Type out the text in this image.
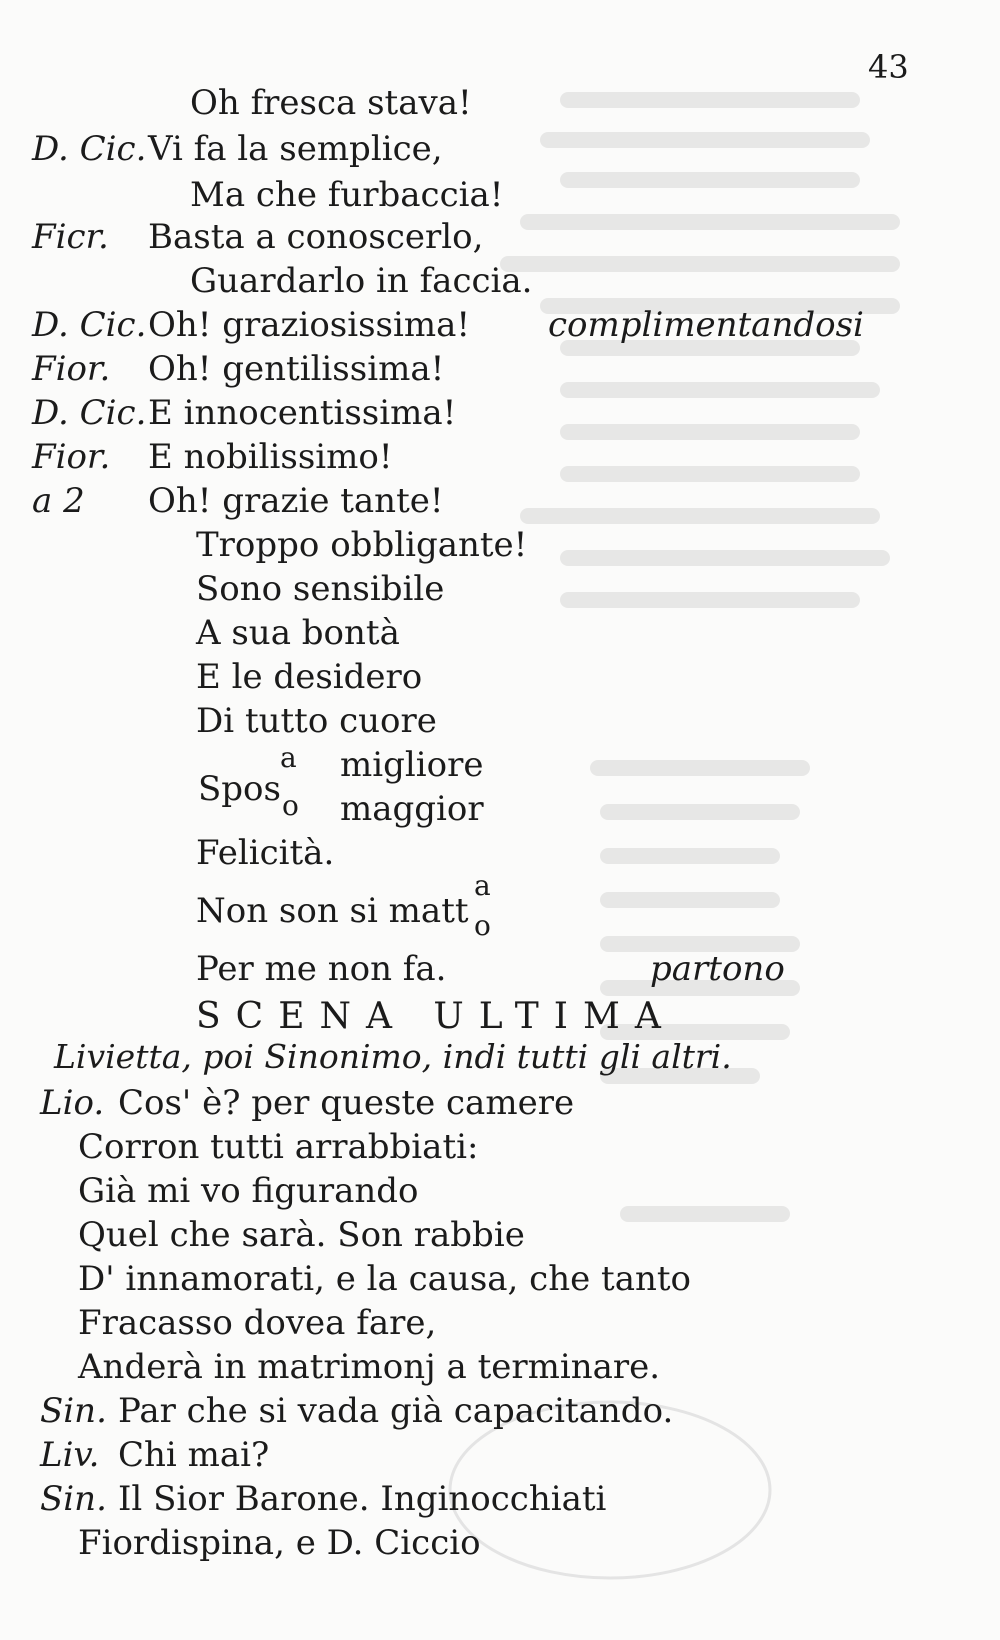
43
Oh fresca stava!
D. Cic. Vi fa la semplice,
Ma che furbaccia!
Ficr. Basta a conoscerlo,
Guardarlo in faccia.
D. Cic. Oh! graziosissima! complimentandosi
Fior. Oh! gentilissima!
D. Cic. E innocentissima!
Fior. E nobilissimo!
a 2 Oh! grazie tante!
Troppo obbligante!
Sono sensibile
A sua bontà
E le desidero
Di tutto cuore
Spos
a
o
migliore
maggior
Felicità.
Non son si matt
a
o
Per me non fa.	partono
SCENA ULTIMA
Livietta, poi Sinonimo, indi tutti gli altri.
Lio. Cos' è? per queste camere
Corron tutti arrabbiati:
Già mi vo figurando
Quel che sarà. Son rabbie
D' innamorati, e la causa, che tanto
Fracasso dovea fare,
Anderà in matrimonj a terminare.
Sin. Par che si vada già capacitando.
Liv. Chi mai?
Sin. Il Sior Barone. Inginocchiati
Fiordispina, e D. Ciccio
